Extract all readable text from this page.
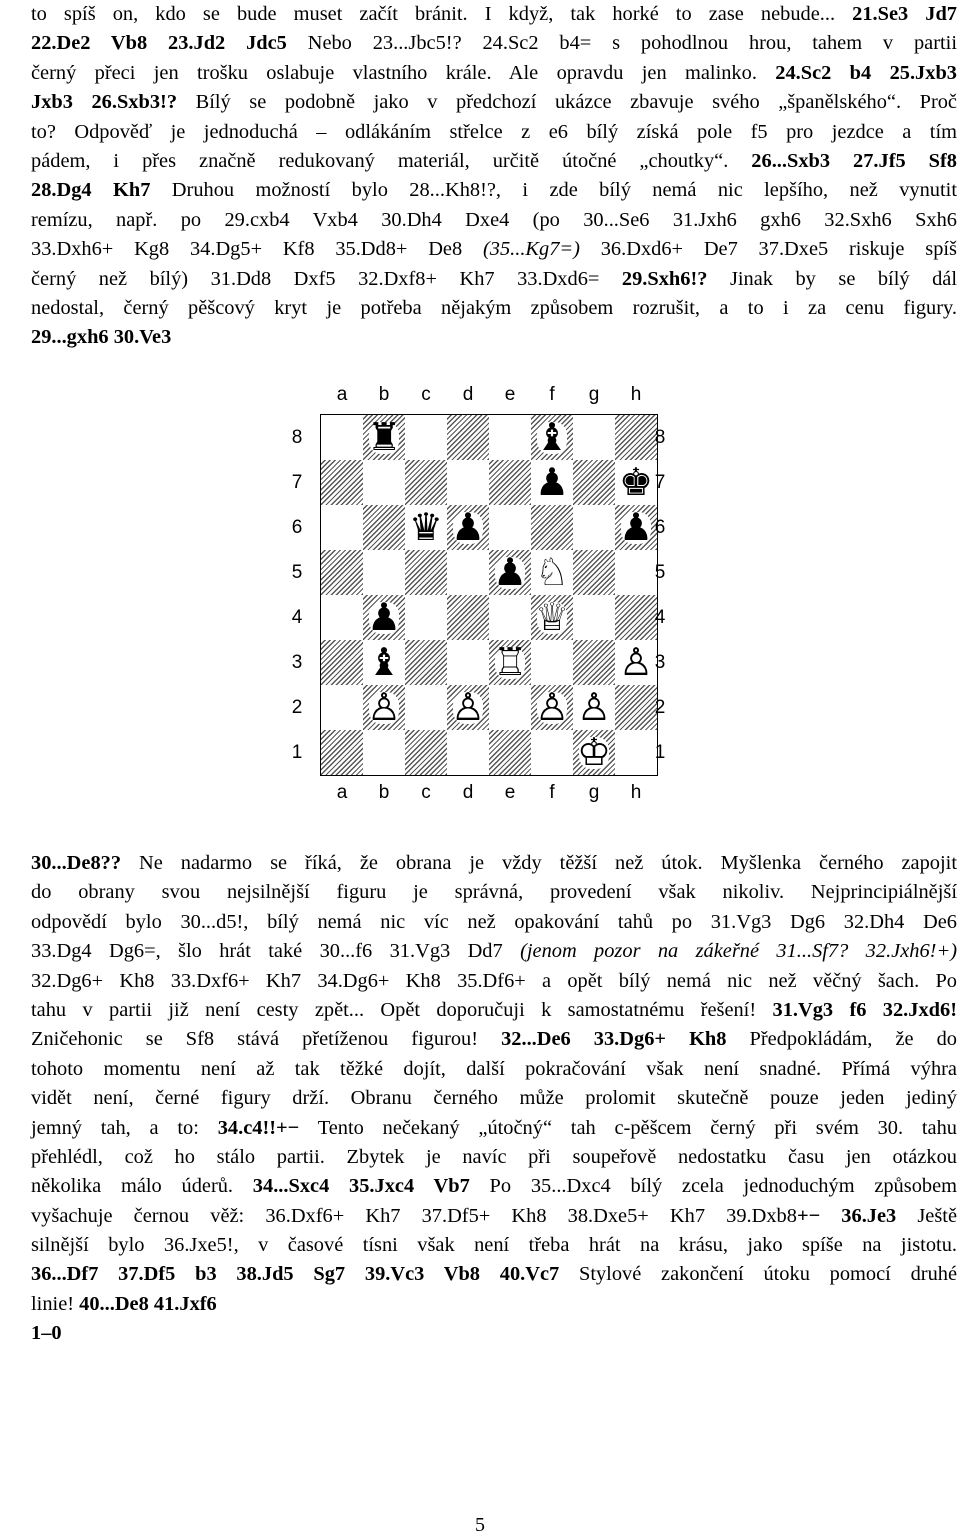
to spíš on, kdo se bude muset začít bránit. I když, tak horké to zase nebude... 21.Se3 Jd7
22.De2 Vb8 23.Jd2 Jdc5 Nebo 23...Jbc5!? 24.Sc2 b4= s pohodlnou hrou, tahem v partii
černý přeci jen trošku oslabuje vlastního krále. Ale opravdu jen malinko. 24.Sc2 b4 25.Jxb3
Jxb3 26.Sxb3!? Bílý se podobně jako v předchozí ukázce zbavuje svého „španělského“. Proč
to? Odpověď je jednoduchá – odlákáním střelce z e6 bílý získá pole f5 pro jezdce a tím
pádem, i přes značně redukovaný materiál, určitě útočné „choutky“. 26...Sxb3 27.Jf5 Sf8
28.Dg4 Kh7 Druhou možností bylo 28...Kh8!?, i zde bílý nemá nic lepšího, než vynutit
remízu, např. po 29.cxb4 Vxb4 30.Dh4 Dxe4 (po 30...Se6 31.Jxh6 gxh6 32.Sxh6 Sxh6
33.Dxh6+ Kg8 34.Dg5+ Kf8 35.Dd8+ De8 (35...Kg7=) 36.Dxd6+ De7 37.Dxe5 riskuje spíš
černý než bílý) 31.Dd8 Dxf5 32.Dxf8+ Kh7 33.Dxd6= 29.Sxh6!? Jinak by se bílý dál
nedostal, černý pěšcový kryt je potřeba nějakým způsobem rozrušit, a to i za cenu figury.
29...gxh6 30.Ve3
♜	♝
♟ ♚
♛ ♟	♟
♟ ♘
♟	♕
♝ ♖ ♙
♙ ♙ ♙ ♙
♔
a
a
b
b
c
c
d
d
e
e
f
f
g
g
h
h
8	8
7	7
6	6
5	5
4	4
3	3
2	2
1	1
30...De8?? Ne nadarmo se říká, že obrana je vždy těžší než útok. Myšlenka černého zapojit
do obrany svou nejsilnější figuru je správná, provedení však nikoliv. Nejprincipiálnější
odpovědí bylo 30...d5!, bílý nemá nic víc než opakování tahů po 31.Vg3 Dg6 32.Dh4 De6
33.Dg4 Dg6=, šlo hrát také 30...f6 31.Vg3 Dd7 (jenom pozor na zákeřné 31...Sf7? 32.Jxh6!+)
32.Dg6+ Kh8 33.Dxf6+ Kh7 34.Dg6+ Kh8 35.Df6+ a opět bílý nemá nic než věčný šach. Po
tahu v partii již není cesty zpět... Opět doporučuji k samostatnému řešení! 31.Vg3 f6 32.Jxd6!
Zničehonic se Sf8 stává přetíženou figurou! 32...De6 33.Dg6+ Kh8 Předpokládám, že do
tohoto momentu není až tak těžké dojít, další pokračování však není snadné. Přímá výhra
vidět není, černé figury drží. Obranu černého může prolomit skutečně pouze jeden jediný
jemný tah, a to: 34.c4!!+− Tento nečekaný „útočný“ tah c-pěšcem černý při svém 30. tahu
přehlédl, což ho stálo partii. Zbytek je navíc při soupeřově nedostatku času jen otázkou
několika málo úderů. 34...Sxc4 35.Jxc4 Vb7 Po 35...Dxc4 bílý zcela jednoduchým způsobem
vyšachuje černou věž: 36.Dxf6+ Kh7 37.Df5+ Kh8 38.Dxe5+ Kh7 39.Dxb8+− 36.Je3 Ještě
silnější bylo 36.Jxe5!, v časové tísni však není třeba hrát na krásu, jako spíše na jistotu.
36...Df7 37.Df5 b3 38.Jd5 Sg7 39.Vc3 Vb8 40.Vc7 Stylové zakončení útoku pomocí druhé
linie! 40...De8 41.Jxf6
1–0
5
